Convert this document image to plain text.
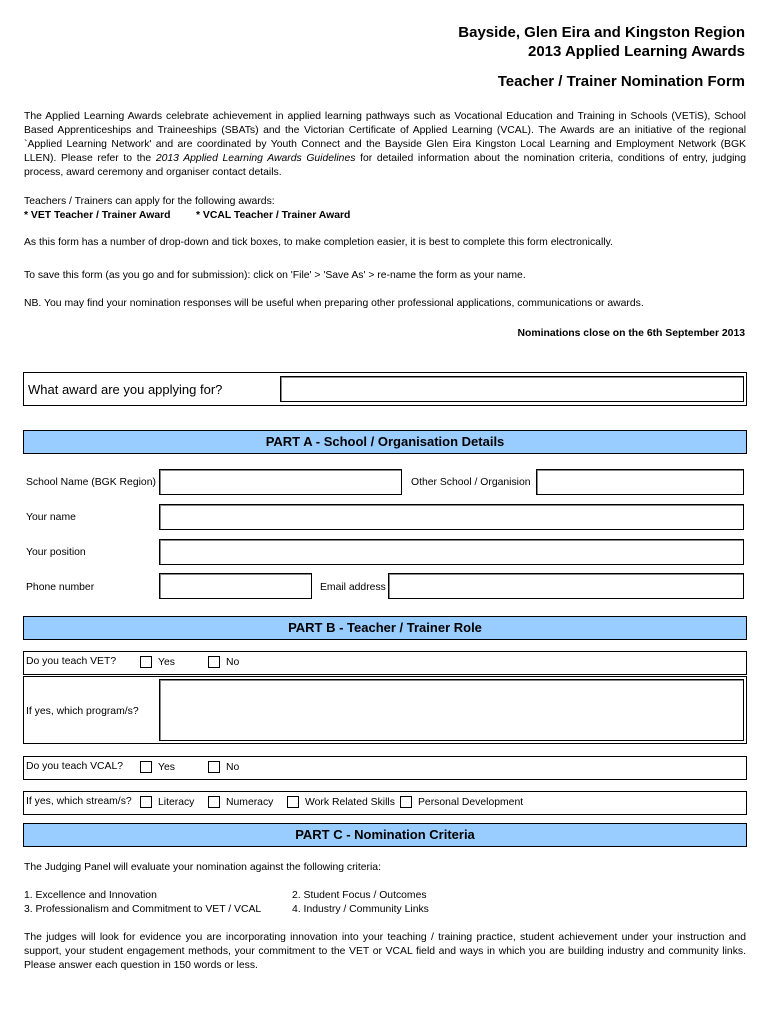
Bayside, Glen Eira and Kingston Region
2013 Applied Learning Awards
Teacher / Trainer Nomination Form
The Applied Learning Awards celebrate achievement in applied learning pathways such as Vocational Education and Training in Schools (VETiS), School Based Apprenticeships and Traineeships (SBATs) and the Victorian Certificate of Applied Learning (VCAL). The Awards are an initiative of the regional `Applied Learning Network' and are coordinated by Youth Connect and the Bayside Glen Eira Kingston Local Learning and Employment Network (BGK LLEN). Please refer to the 2013 Applied Learning Awards Guidelines for detailed information about the nomination criteria, conditions of entry, judging process, award ceremony and organiser contact details.
Teachers / Trainers can apply for the following awards:
* VET Teacher / Trainer Award * VCAL Teacher / Trainer Award
As this form has a number of drop-down and tick boxes, to make completion easier, it is best to complete this form electronically.
To save this form (as you go and for submission): click on 'File' > 'Save As' > re-name the form as your name.
NB. You may find your nomination responses will be useful when preparing other professional applications, communications or awards.
Nominations close on the 6th September 2013
What award are you applying for?
PART A - School / Organisation Details
School Name (BGK Region)	Other School / Organision
Your name
Your position
Phone number	Email address
PART B - Teacher / Trainer Role
Do you teach VET?	Yes	No
If yes, which program/s?
Do you teach VCAL?	Yes	No
If yes, which stream/s?	Literacy	Numeracy	Work Related Skills Personal Development
PART C - Nomination Criteria
The Judging Panel will evaluate your nomination against the following criteria:
1. Excellence and Innovation	2. Student Focus / Outcomes
3. Professionalism and Commitment to VET / VCAL	4. Industry / Community Links
The judges will look for evidence you are incorporating innovation into your teaching / training practice, student achievement under your instruction and support, your student engagement methods, your commitment to the VET or VCAL field and ways in which you are building industry and community links. Please answer each question in 150 words or less.
